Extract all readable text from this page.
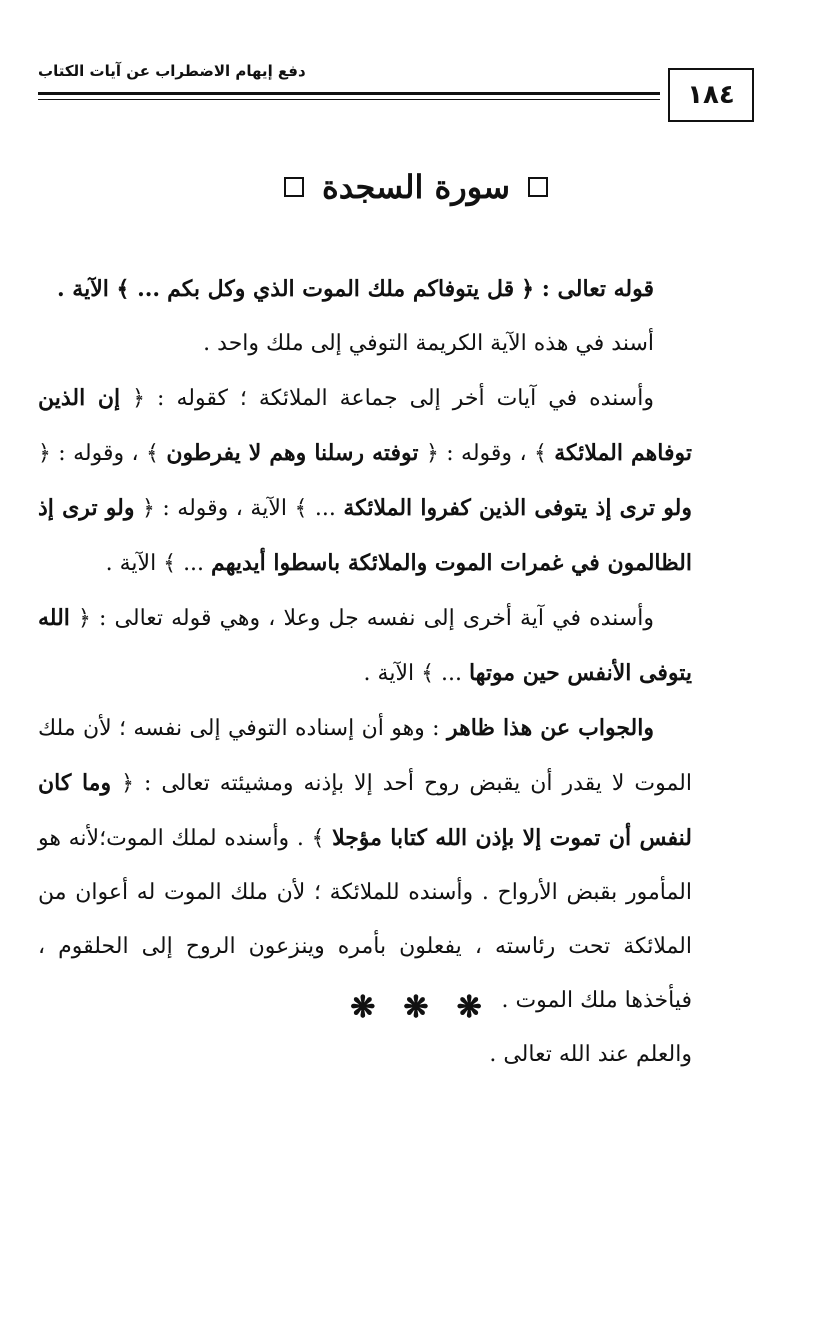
دفع إيهام الاضطراب عن آيات الكتاب
١٨٤
سورة السجدة

قوله تعالى : ﴿ قل يتوفاكم ملك الموت الذي وكل بكم ... ﴾ الآية .

أسند في هذه الآية الكريمة التوفي إلى ملك واحد .

وأسنده في آيات أخر إلى جماعة الملائكة ؛ كقوله : ﴿ إن الذين توفاهم الملائكة ﴾ ، وقوله : ﴿ توفته رسلنا وهم لا يفرطون ﴾ ، وقوله : ﴿ ولو ترى إذ يتوفى الذين كفروا الملائكة ... ﴾ الآية ، وقوله : ﴿ ولو ترى إذ الظالمون في غمرات الموت والملائكة باسطوا أيديهم ... ﴾ الآية .

وأسنده في آية أخرى إلى نفسه جل وعلا ، وهي قوله تعالى : ﴿ الله يتوفى الأنفس حين موتها ... ﴾ الآية .

والجواب عن هذا ظاهر : وهو أن إسناده التوفي إلى نفسه ؛ لأن ملك الموت لا يقدر أن يقبض روح أحد إلا بإذنه ومشيئته تعالى : ﴿ وما كان لنفس أن تموت إلا بإذن الله كتابا مؤجلا ﴾ . وأسنده لملك الموت؛لأنه هو المأمور بقبض الأرواح . وأسنده للملائكة ؛ لأن ملك الموت له أعوان من الملائكة تحت رئاسته ، يفعلون بأمره وينزعون الروح إلى الحلقوم ، فيأخذها ملك الموت .

والعلم عند الله تعالى .

❋ ❋ ❋
